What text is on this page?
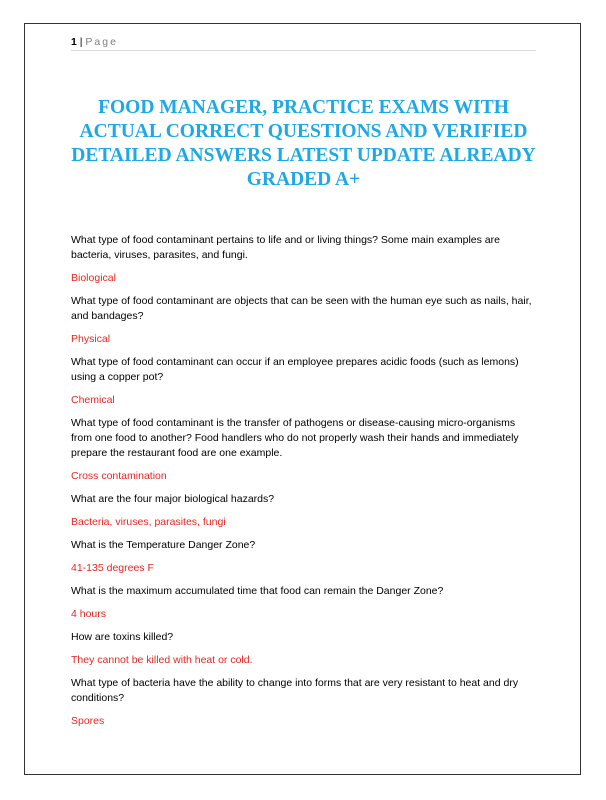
1 | Page
FOOD MANAGER, PRACTICE EXAMS WITH ACTUAL CORRECT QUESTIONS AND VERIFIED DETAILED ANSWERS LATEST UPDATE ALREADY GRADED A+

What type of food contaminant pertains to life and or living things? Some main examples are bacteria, viruses, parasites, and fungi.

Biological

What type of food contaminant are objects that can be seen with the human eye such as nails, hair, and bandages?

Physical

What type of food contaminant can occur if an employee prepares acidic foods (such as lemons) using a copper pot?

Chemical

What type of food contaminant is the transfer of pathogens or disease-causing micro-organisms from one food to another? Food handlers who do not properly wash their hands and immediately prepare the restaurant food are one example.

Cross contamination

What are the four major biological hazards?

Bacteria, viruses, parasites, fungi

What is the Temperature Danger Zone?

41-135 degrees F

What is the maximum accumulated time that food can remain the Danger Zone?

4 hours

How are toxins killed?

They cannot be killed with heat or cold.

What type of bacteria have the ability to change into forms that are very resistant to heat and dry conditions?

Spores
